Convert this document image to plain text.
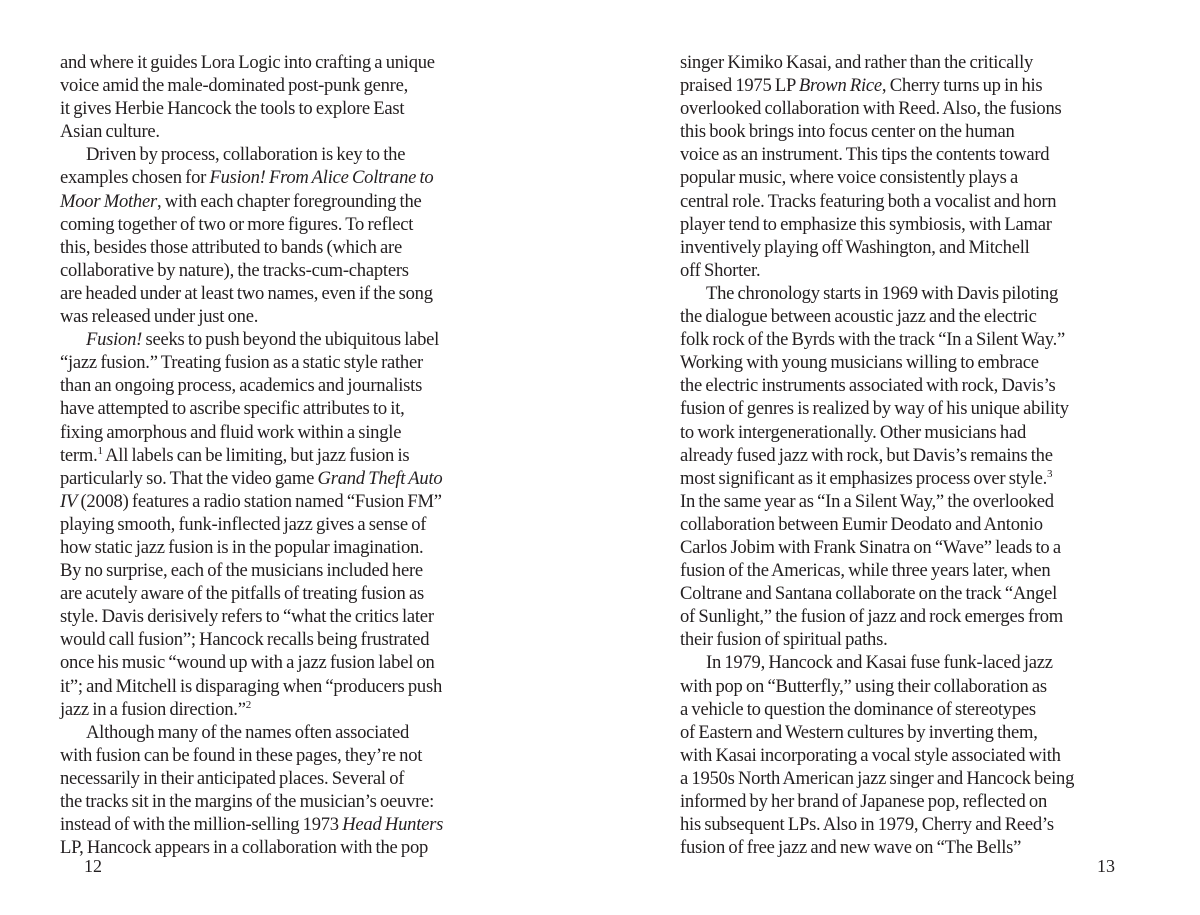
and where it guides Lora Logic into crafting a unique
voice amid the male-dominated post-punk genre,
it gives Herbie Hancock the tools to explore East
Asian culture.
Driven by process, collaboration is key to the
examples chosen for Fusion! From Alice Coltrane to
Moor Mother, with each chapter foregrounding the
coming together of two or more figures. To reflect
this, besides those attributed to bands (which are
collaborative by nature), the tracks-cum-chapters
are headed under at least two names, even if the song
was released under just one.
Fusion! seeks to push beyond the ubiquitous label
“jazz fusion.” Treating fusion as a static style rather
than an ongoing process, academics and journalists
have attempted to ascribe specific attributes to it,
fixing amorphous and fluid work within a single
term.$^1$ All labels can be limiting, but jazz fusion is
particularly so. That the video game Grand Theft Auto
IV (2008) features a radio station named “Fusion FM”
playing smooth, funk-inflected jazz gives a sense of
how static jazz fusion is in the popular imagination.
By no surprise, each of the musicians included here
are acutely aware of the pitfalls of treating fusion as
style. Davis derisively refers to “what the critics later
would call fusion”; Hancock recalls being frustrated
once his music “wound up with a jazz fusion label on
it”; and Mitchell is disparaging when “producers push
jazz in a fusion direction.”$^2$
Although many of the names often associated
with fusion can be found in these pages, they’re not
necessarily in their anticipated places. Several of
the tracks sit in the margins of the musician’s oeuvre:
instead of with the million-selling 1973 Head Hunters
LP, Hancock appears in a collaboration with the pop
12
singer Kimiko Kasai, and rather than the critically
praised 1975 LP Brown Rice, Cherry turns up in his
overlooked collaboration with Reed. Also, the fusions
this book brings into focus center on the human
voice as an instrument. This tips the contents toward
popular music, where voice consistently plays a
central role. Tracks featuring both a vocalist and horn
player tend to emphasize this symbiosis, with Lamar
inventively playing off Washington, and Mitchell
off Shorter.
The chronology starts in 1969 with Davis piloting
the dialogue between acoustic jazz and the electric
folk rock of the Byrds with the track “In a Silent Way.”
Working with young musicians willing to embrace
the electric instruments associated with rock, Davis’s
fusion of genres is realized by way of his unique ability
to work intergenerationally. Other musicians had
already fused jazz with rock, but Davis’s remains the
most significant as it emphasizes process over style.$^3$
In the same year as “In a Silent Way,” the overlooked
collaboration between Eumir Deodato and Antonio
Carlos Jobim with Frank Sinatra on “Wave” leads to a
fusion of the Americas, while three years later, when
Coltrane and Santana collaborate on the track “Angel
of Sunlight,” the fusion of jazz and rock emerges from
their fusion of spiritual paths.
In 1979, Hancock and Kasai fuse funk-laced jazz
with pop on “Butterfly,” using their collaboration as
a vehicle to question the dominance of stereotypes
of Eastern and Western cultures by inverting them,
with Kasai incorporating a vocal style associated with
a 1950s North American jazz singer and Hancock being
informed by her brand of Japanese pop, reflected on
his subsequent LPs. Also in 1979, Cherry and Reed’s
fusion of free jazz and new wave on “The Bells”
13
